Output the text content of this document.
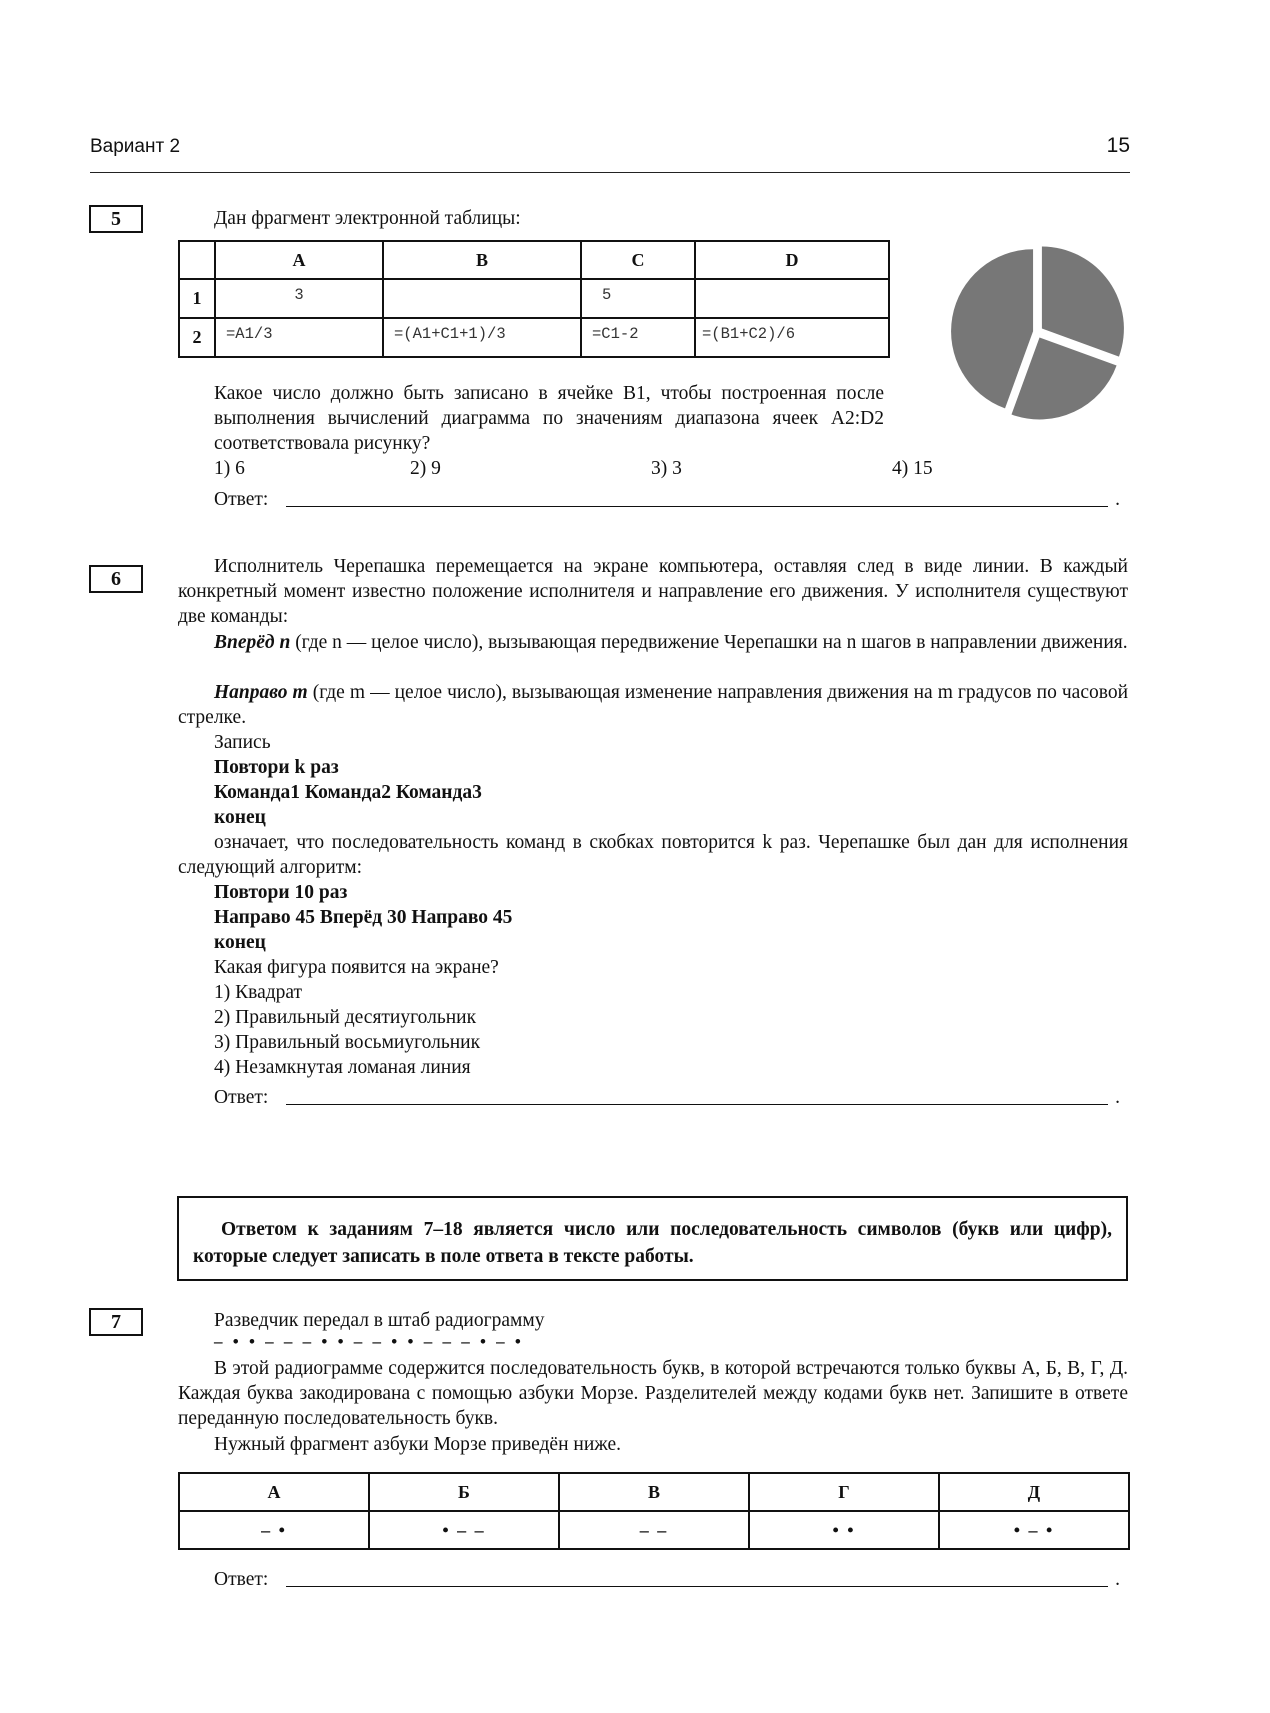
Вариант 2	15
5	Дан фрагмент электронной таблицы:
	A	B	C	D
1	3		5	
2	=A1/3	=(A1+C1+1)/3	=C1-2	=(B1+C2)/6
Какое число должно быть записано в ячейке B1, чтобы построенная после выполнения вычислений диаграмма по значениям диапазона ячеек A2:D2 соответствовала рисунку?
1) 6	2) 9	3) 3	4) 15
Ответ:	.
6
Исполнитель Черепашка перемещается на экране компьютера, оставляя след в виде линии. В каждый конкретный момент известно положение исполнителя и направление его движения. У исполнителя существуют две команды:
Вперёд n (где n — целое число), вызывающая передвижение Черепашки на n шагов в направлении движения.
Направо m (где m — целое число), вызывающая изменение направления движения на m градусов по часовой стрелке.
Запись
Повтори k раз
Команда1 Команда2 Команда3
конец
означает, что последовательность команд в скобках повторится k раз. Черепашке был дан для исполнения следующий алгоритм:
Повтори 10 раз
Направо 45 Вперёд 30 Направо 45
конец
Какая фигура появится на экране?
1) Квадрат
2) Правильный десятиугольник
3) Правильный восьмиугольник
4) Незамкнутая ломаная линия
Ответ:	.
Ответом к заданиям 7–18 является число или последовательность символов (букв или цифр), которые следует записать в поле ответа в тексте работы.
7	Разведчик передал в штаб радиограмму
– • • – – – • • – – • • – – – • – •
В этой радиограмме содержится последовательность букв, в которой встречаются только буквы А, Б, В, Г, Д. Каждая буква закодирована с помощью азбуки Морзе. Разделителей между кодами букв нет. Запишите в ответе переданную последовательность букв.
Нужный фрагмент азбуки Морзе приведён ниже.
А	Б	В	Г	Д
– •	• – –	– –	• •	• – •
Ответ:	.
